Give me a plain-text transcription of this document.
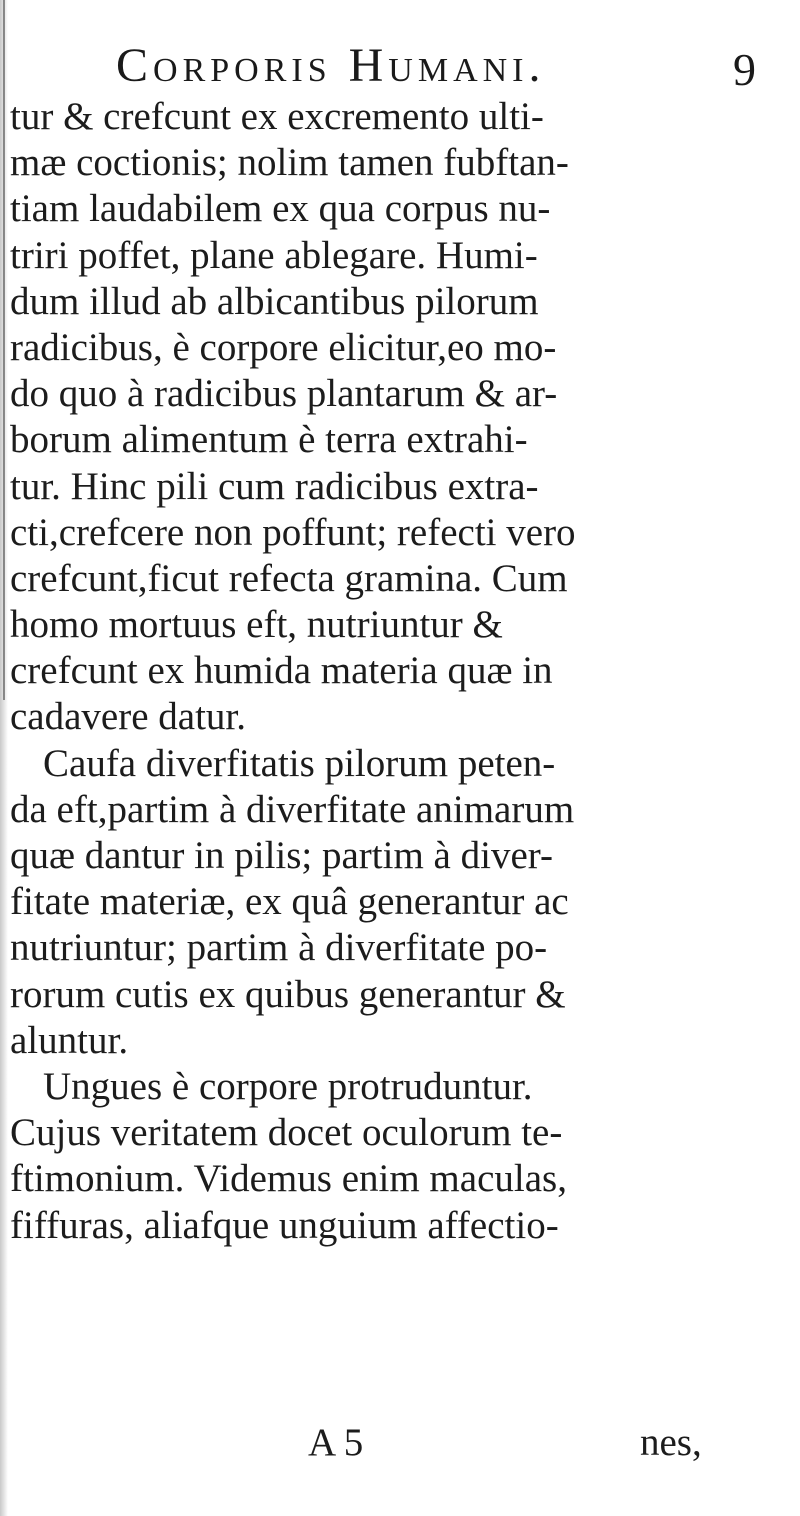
Corporis Humani.	9
tur & crefcunt ex excremento ulti-
mæ coctionis; nolim tamen fubftan-
tiam laudabilem ex qua corpus nu-
triri poffet, plane ablegare. Humi-
dum illud ab albicantibus pilorum
radicibus, è corpore elicitur,eo mo-
do quo à radicibus plantarum & ar-
borum alimentum è terra extrahi-
tur. Hinc pili cum radicibus extra-
cti,crefcere non poffunt; refecti vero
crefcunt,ficut refecta gramina. Cum
homo mortuus eft, nutriuntur &
crefcunt ex humida materia quæ in
cadavere datur.
Caufa diverfitatis pilorum peten-
da eft,partim à diverfitate animarum
quæ dantur in pilis; partim à diver-
fitate materiæ, ex quâ generantur ac
nutriuntur; partim à diverfitate po-
rorum cutis ex quibus generantur &
aluntur.
Ungues è corpore protruduntur.
Cujus veritatem docet oculorum te-
ftimonium. Videmus enim maculas,
fiffuras, aliafque unguium affectio-
A 5	nes,
